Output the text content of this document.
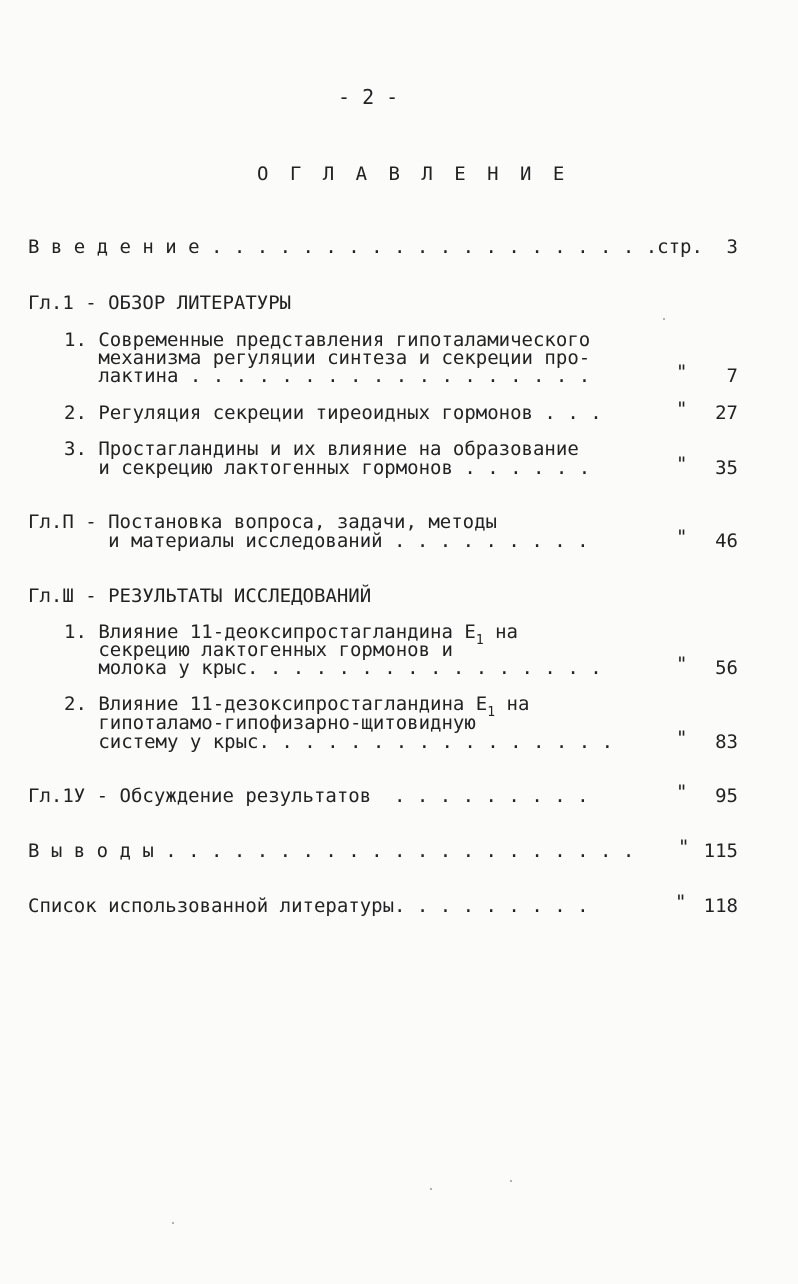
- 2 -
О Г Л А В Л Е Н И Е
В в е д е н и е . . . . . . . . . . . . . . . . . . . .стр. 3
Гл.1 - ОБЗОР ЛИТЕРАТУРЫ
1. Современные представления гипоталамического
механизма регуляции синтеза и секреции про-
лактина . . . . . . . . . . . . . . . . . .	" 7
2. Регуляция секреции тиреоидных гормонов . . .	" 27
3. Простагландины и их влияние на образование
и секрецию лактогенных гормонов . . . . . .	" 35
Гл.П - Постановка вопроса, задачи, методы
и материалы исследований . . . . . . . . .	" 46
Гл.Ш - РЕЗУЛЬТАТЫ ИССЛЕДОВАНИЙ
1. Влияние 11-деоксипростагландина $Е_1$ на
секрецию лактогенных гормонов и
молока у крыс. . . . . . . . . . . . . . . .	" 56
2. Влияние 11-дезоксипростагландина $Е_1$ на
гипоталамо-гипофизарно-щитовидную
систему у крыс. . . . . . . . . . . . . . . .	" 83
Гл.1У - Обсуждение результатов  . . . . . . . . .	" 95
В ы в о д ы . . . . . . . . . . . . . . . . . . . . . " 115
Список использованной литературы. . . . . . . . .	" 118
